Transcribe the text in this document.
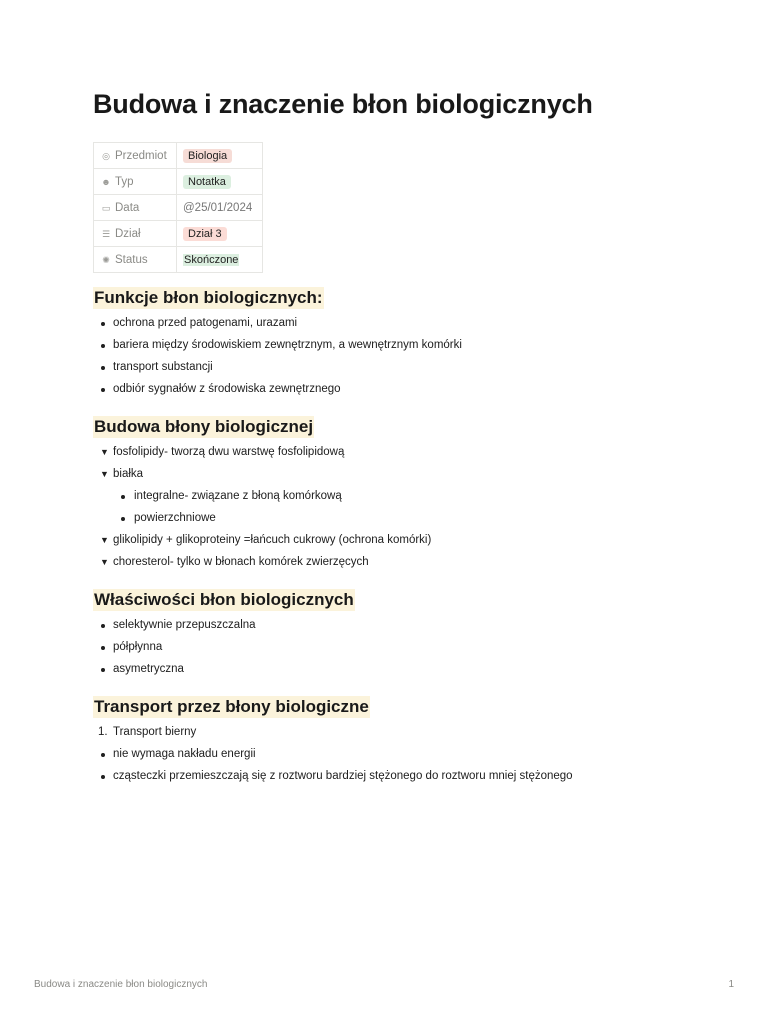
Budowa i znaczenie błon biologicznych
◎ Przedmiot	Biologia
☻ Typ	Notatka
▭ Data	@25/01/2024
☰ Dział	Dział 3
✺ Status	Skończone
Funkcje błon biologicznych:
ochrona przed patogenami, urazami
bariera między środowiskiem zewnętrznym, a wewnętrznym komórki
transport substancji
odbiór sygnałów z środowiska zewnętrznego
Budowa błony biologicznej
▼ fosfolipidy- tworzą dwu warstwę fosfolipidową
▼ białka
integralne- związane z błoną komórkową
powierzchniowe
▼ glikolipidy + glikoproteiny =łańcuch cukrowy (ochrona komórki)
▼ choresterol- tylko w błonach komórek zwierzęcych
Właściwości błon biologicznych
selektywnie przepuszczalna
półpłynna
asymetryczna
Transport przez błony biologiczne
1. Transport bierny
nie wymaga nakładu energii
cząsteczki przemieszczają się z roztworu bardziej stężonego do roztworu mniej stężonego
Budowa i znaczenie błon biologicznych	1
